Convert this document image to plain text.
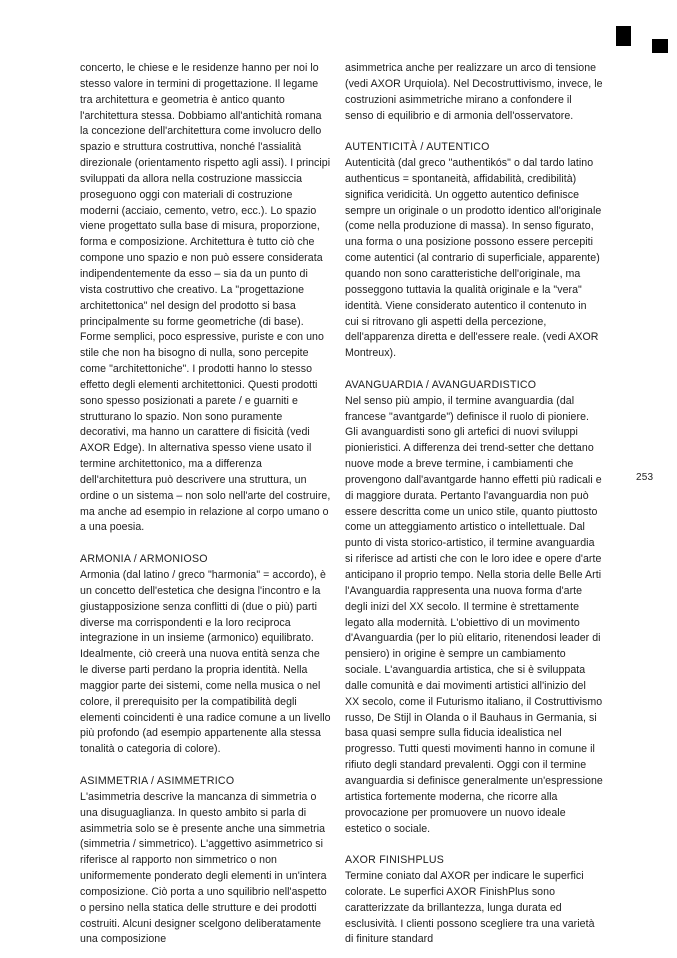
concerto, le chiese e le residenze hanno per noi lo stesso valore in termini di progettazione. Il legame tra architettura e geometria è antico quanto l'architettura stessa. Dobbiamo all'antichità romana la concezione dell'architettura come involucro dello spazio e struttura costruttiva, nonché l'assialità direzionale (orientamento rispetto agli assi). I principi sviluppati da allora nella costruzione massiccia proseguono oggi con materiali di costruzione moderni (acciaio, cemento, vetro, ecc.). Lo spazio viene progettato sulla base di misura, proporzione, forma e composizione. Architettura è tutto ciò che compone uno spazio e non può essere considerata indipendentemente da esso – sia da un punto di vista costruttivo che creativo. La "progettazione architettonica" nel design del prodotto si basa principalmente su forme geometriche (di base). Forme semplici, poco espressive, puriste e con uno stile che non ha bisogno di nulla, sono percepite come "architettoniche". I prodotti hanno lo stesso effetto degli elementi architettonici. Questi prodotti sono spesso posizionati a parete / e guarniti e strutturano lo spazio. Non sono puramente decorativi, ma hanno un carattere di fisicità (vedi AXOR Edge). In alternativa spesso viene usato il termine architettonico, ma a differenza dell'architettura può descrivere una struttura, un ordine o un sistema – non solo nell'arte del costruire, ma anche ad esempio in relazione al corpo umano o a una poesia.

ARMONIA / ARMONIOSO

Armonia (dal latino / greco "harmonia" = accordo), è un concetto dell'estetica che designa l'incontro e la giustapposizione senza conflitti di (due o più) parti diverse ma corrispondenti e la loro reciproca integrazione in un insieme (armonico) equilibrato. Idealmente, ciò creerà una nuova entità senza che le diverse parti perdano la propria identità. Nella maggior parte dei sistemi, come nella musica o nel colore, il prerequisito per la compatibilità degli elementi coincidenti è una radice comune a un livello più profondo (ad esempio appartenente alla stessa tonalità o categoria di colore).

ASIMMETRIA / ASIMMETRICO

L'asimmetria descrive la mancanza di simmetria o una disuguaglianza. In questo ambito si parla di asimmetria solo se è presente anche una simmetria (simmetria / simmetrico). L'aggettivo asimmetrico si riferisce al rapporto non simmetrico o non uniformemente ponderato degli elementi in un'intera composizione. Ciò porta a uno squilibrio nell'aspetto o persino nella statica delle strutture e dei prodotti costruiti. Alcuni designer scelgono deliberatamente una composizione

asimmetrica anche per realizzare un arco di tensione (vedi AXOR Urquiola). Nel Decostruttivismo, invece, le costruzioni asimmetriche mirano a confondere il senso di equilibrio e di armonia dell'osservatore.

AUTENTICITÀ / AUTENTICO

Autenticità (dal greco "authentikós" o dal tardo latino authenticus = spontaneità, affidabilità, credibilità) significa veridicità. Un oggetto autentico definisce sempre un originale o un prodotto identico all'originale (come nella produzione di massa). In senso figurato, una forma o una posizione possono essere percepiti come autentici (al contrario di superficiale, apparente) quando non sono caratteristiche dell'originale, ma posseggono tuttavia la qualità originale e la "vera" identità. Viene considerato autentico il contenuto in cui si ritrovano gli aspetti della percezione, dell'apparenza diretta e dell'essere reale. (vedi AXOR Montreux).

AVANGUARDIA / AVANGUARDISTICO

Nel senso più ampio, il termine avanguardia (dal francese "avantgarde") definisce il ruolo di pioniere. Gli avanguardisti sono gli artefici di nuovi sviluppi pionieristici. A differenza dei trend-setter che dettano nuove mode a breve termine, i cambiamenti che provengono dall'avantgarde hanno effetti più radicali e di maggiore durata. Pertanto l'avanguardia non può essere descritta come un unico stile, quanto piuttosto come un atteggiamento artistico o intellettuale. Dal punto di vista storico-artistico, il termine avanguardia si riferisce ad artisti che con le loro idee e opere d'arte anticipano il proprio tempo. Nella storia delle Belle Arti l'Avanguardia rappresenta una nuova forma d'arte degli inizi del XX secolo. Il termine è strettamente legato alla modernità. L'obiettivo di un movimento d'Avanguardia (per lo più elitario, ritenendosi leader di pensiero) in origine è sempre un cambiamento sociale. L'avanguardia artistica, che si è sviluppata dalle comunità e dai movimenti artistici all'inizio del XX secolo, come il Futurismo italiano, il Costruttivismo russo, De Stijl in Olanda o il Bauhaus in Germania, si basa quasi sempre sulla fiducia idealistica nel progresso. Tutti questi movimenti hanno in comune il rifiuto degli standard prevalenti. Oggi con il termine avanguardia si definisce generalmente un'espressione artistica fortemente moderna, che ricorre alla provocazione per promuovere un nuovo ideale estetico o sociale.

AXOR FINISHPLUS

Termine coniato dal AXOR per indicare le superfici colorate. Le superfici AXOR FinishPlus sono caratterizzate da brillantezza, lunga durata ed esclusività. I clienti possono scegliere tra una varietà di finiture standard

253
